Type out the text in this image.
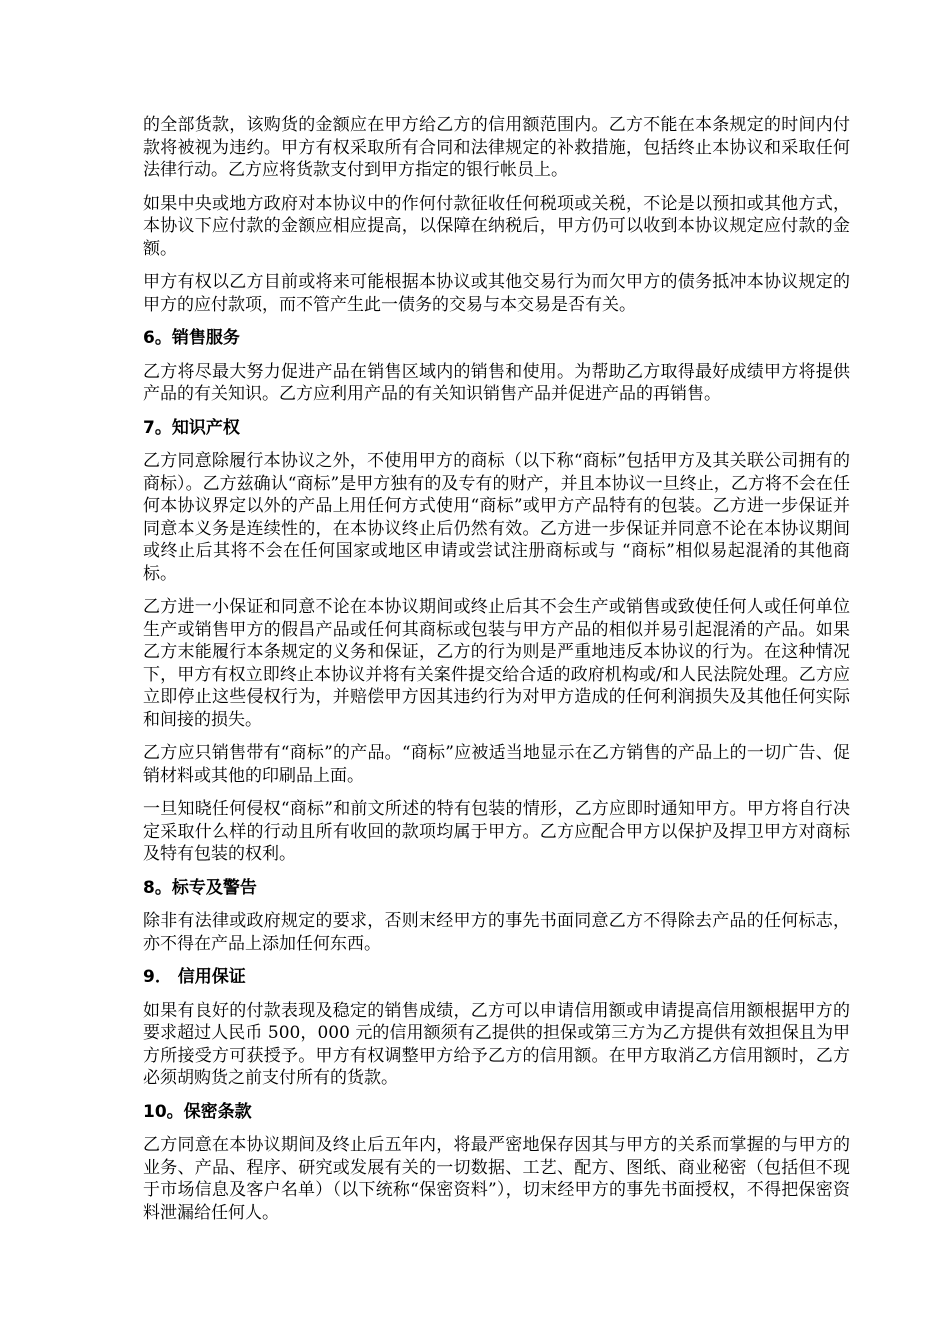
的全部货款，该购货的金额应在甲方给乙方的信用额范围内。乙方不能在本条规定的时间内付款将被视为违约。甲方有权采取所有合同和法律规定的补救措施，包括终止本协议和采取任何法律行动。乙方应将货款支付到甲方指定的银行帐员上。

如果中央或地方政府对本协议中的作何付款征收任何税项或关税，不论是以预扣或其他方式，本协议下应付款的金额应相应提高，以保障在纳税后，甲方仍可以收到本协议规定应付款的金额。

甲方有权以乙方目前或将来可能根据本协议或其他交易行为而欠甲方的债务抵冲本协议规定的甲方的应付款项，而不管产生此一债务的交易与本交易是否有关。

6。销售服务

乙方将尽最大努力促进产品在销售区域内的销售和使用。为帮助乙方取得最好成绩甲方将提供产品的有关知识。乙方应利用产品的有关知识销售产品并促进产品的再销售。

7。知识产权

乙方同意除履行本协议之外，不使用甲方的商标（以下称“商标”包括甲方及其关联公司拥有的商标）。乙方兹确认“商标”是甲方独有的及专有的财产，并且本协议一旦终止，乙方将不会在任何本协议界定以外的产品上用任何方式使用“商标”或甲方产品特有的包装。乙方进一步保证并同意本义务是连续性的，在本协议终止后仍然有效。乙方进一步保证并同意不论在本协议期间或终止后其将不会在任何国家或地区申请或尝试注册商标或与 “商标”相似易起混淆的其他商标。

乙方进一小保证和同意不论在本协议期间或终止后其不会生产或销售或致使任何人或任何单位生产或销售甲方的假昌产品或任何其商标或包装与甲方产品的相似并易引起混淆的产品。如果乙方末能履行本条规定的义务和保证，乙方的行为则是严重地违反本协议的行为。在这种情况下，甲方有权立即终止本协议并将有关案件提交给合适的政府机构或/和人民法院处理。乙方应立即停止这些侵权行为，并赔偿甲方因其违约行为对甲方造成的任何利润损失及其他任何实际和间接的损失。

乙方应只销售带有“商标”的产品。“商标”应被适当地显示在乙方销售的产品上的一切广告、促销材料或其他的印刷品上面。

一旦知晓任何侵权“商标”和前文所述的特有包装的情形，乙方应即时通知甲方。甲方将自行决定采取什么样的行动且所有收回的款项均属于甲方。乙方应配合甲方以保护及捍卫甲方对商标及特有包装的权利。

8。标专及警告

除非有法律或政府规定的要求，否则末经甲方的事先书面同意乙方不得除去产品的任何标志，亦不得在产品上添加任何东西。

9． 信用保证

如果有良好的付款表现及稳定的销售成绩，乙方可以申请信用额或申请提高信用额根据甲方的要求超过人民币 500，000 元的信用额须有乙提供的担保或第三方为乙方提供有效担保且为甲方所接受方可获授予。甲方有权调整甲方给予乙方的信用额。在甲方取消乙方信用额时，乙方必须胡购货之前支付所有的货款。

10。保密条款

乙方同意在本协议期间及终止后五年内，将最严密地保存因其与甲方的关系而掌握的与甲方的业务、产品、程序、研究或发展有关的一切数据、工艺、配方、图纸、商业秘密（包括但不现于市场信息及客户名单）（以下统称“保密资料”），切末经甲方的事先书面授权，不得把保密资料泄漏给任何人。
